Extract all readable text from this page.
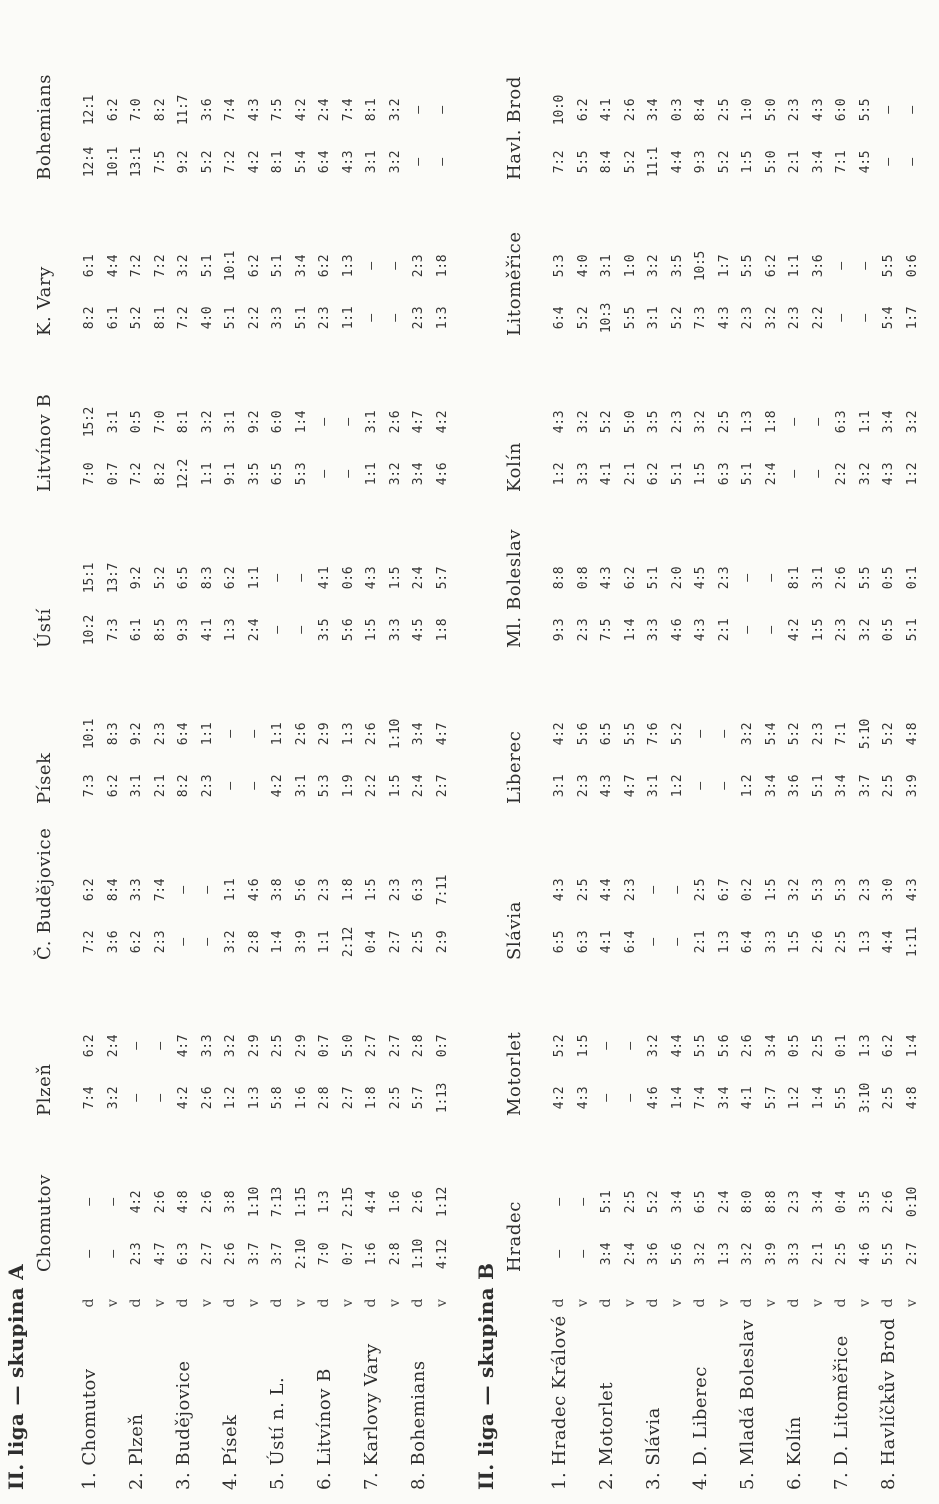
II. liga — skupina A
Chomutov
Plzeň
Č. Budějovice
Písek
Ústí
Litvínov B
K. Vary
Bohemians
1. Chomutov
d
—
—
7:4
6:2
7:2
6:2
7:3
10:1
10:2
15:1
7:0
15:2
8:2
6:1
12:4
12:1
v
—
—
3:2
2:4
3:6
8:4
6:2
8:3
7:3
13:7
0:7
3:1
6:1
4:4
10:1
6:2
2. Plzeň
d
2:3
4:2
—
—
6:2
3:3
3:1
9:2
6:1
9:2
7:2
0:5
5:2
7:2
13:1
7:0
v
4:7
2:6
—
—
2:3
7:4
2:1
2:3
8:5
5:2
8:2
7:0
8:1
7:2
7:5
8:2
3. Budějovice
d
6:3
4:8
4:2
4:7
—
—
8:2
6:4
9:3
6:5
12:2
8:1
7:2
3:2
9:2
11:7
v
2:7
2:6
2:6
3:3
—
—
2:3
1:1
4:1
8:3
1:1
3:2
4:0
5:1
5:2
3:6
4. Písek
d
2:6
3:8
1:2
3:2
3:2
1:1
—
—
1:3
6:2
9:1
3:1
5:1
10:1
7:2
7:4
v
3:7
1:10
1:3
2:9
2:8
4:6
—
—
2:4
1:1
3:5
9:2
2:2
6:2
4:2
4:3
5. Ústí n. L.
d
3:7
7:13
5:8
2:5
1:4
3:8
4:2
1:1
—
—
6:5
6:0
3:3
5:1
8:1
7:5
v
2:10
1:15
1:6
2:9
3:9
5:6
3:1
2:6
—
—
5:3
1:4
5:1
3:4
5:4
4:2
6. Litvínov B
d
7:0
1:3
2:8
0:7
1:1
2:3
5:3
2:9
3:5
4:1
—
—
2:3
6:2
6:4
2:4
v
0:7
2:15
2:7
5:0
2:12
1:8
1:9
1:3
5:6
0:6
—
—
1:1
1:3
4:3
7:4
7. Karlovy Vary
d
1:6
4:4
1:8
2:7
0:4
1:5
2:2
2:6
1:5
4:3
1:1
3:1
—
—
3:1
8:1
v
2:8
1:6
2:5
2:7
2:7
2:3
1:5
1:10
3:3
1:5
3:2
2:6
—
—
3:2
3:2
8. Bohemians
d
1:10
2:6
5:7
2:8
2:5
6:3
2:4
3:4
4:5
2:4
3:4
4:7
2:3
2:3
—
—
v
4:12
1:12
1:13
0:7
2:9
7:11
2:7
4:7
1:8
5:7
4:6
4:2
1:3
1:8
—
—
II. liga — skupina B
Hradec
Motorlet
Slávia
Liberec
Ml. Boleslav
Kolín
Litoměřice
Havl. Brod
1. Hradec Králové
d
—
—
4:2
5:2
6:5
4:3
3:1
4:2
9:3
8:8
1:2
4:3
6:4
5:3
7:2
10:0
v
—
—
4:3
1:5
6:3
2:5
2:3
5:6
2:3
0:8
3:3
3:2
5:2
4:0
5:5
6:2
2. Motorlet
d
3:4
5:1
—
—
4:1
4:4
4:3
6:5
7:5
4:3
4:1
5:2
10:3
3:1
8:4
4:1
v
2:4
2:5
—
—
6:4
2:3
4:7
5:5
1:4
6:2
2:1
5:0
5:5
1:0
5:2
2:6
3. Slávia
d
3:6
5:2
4:6
3:2
—
—
3:1
7:6
3:3
5:1
6:2
3:5
3:1
3:2
11:1
3:4
v
5:6
3:4
1:4
4:4
—
—
1:2
5:2
4:6
2:0
5:1
2:3
5:2
3:5
4:4
0:3
4. D. Liberec
d
3:2
6:5
7:4
5:5
2:1
2:5
—
—
4:3
4:5
1:5
3:2
7:3
10:5
9:3
8:4
v
1:3
2:4
3:4
5:6
1:3
6:7
—
—
2:1
2:3
6:3
2:5
4:3
1:7
5:2
2:5
5. Mladá Boleslav
d
3:2
8:0
4:1
2:6
6:4
0:2
1:2
3:2
—
—
5:1
1:3
2:3
5:5
1:5
1:0
v
3:9
8:8
5:7
3:4
3:3
1:5
3:4
5:4
—
—
2:4
1:8
3:2
6:2
5:0
5:0
6. Kolín
d
3:3
2:3
1:2
0:5
1:5
3:2
3:6
5:2
4:2
8:1
—
—
2:3
1:1
2:1
2:3
v
2:1
3:4
1:4
2:5
2:6
5:3
5:1
2:3
1:5
3:1
—
—
2:2
3:6
3:4
4:3
7. D. Litoměřice
d
2:5
0:4
5:5
0:1
2:5
5:3
3:4
7:1
2:3
2:6
2:2
6:3
—
—
7:1
6:0
v
4:6
3:5
3:10
1:3
1:3
2:3
3:7
5:10
3:2
5:5
3:2
1:1
—
—
4:5
5:5
8. Havlíčkův Brod
d
5:5
2:6
2:5
6:2
4:4
3:0
2:5
5:2
0:5
0:5
4:3
3:4
5:4
5:5
—
—
v
2:7
0:10
4:8
1:4
1:11
4:3
3:9
4:8
5:1
0:1
1:2
3:2
1:7
0:6
—
—
